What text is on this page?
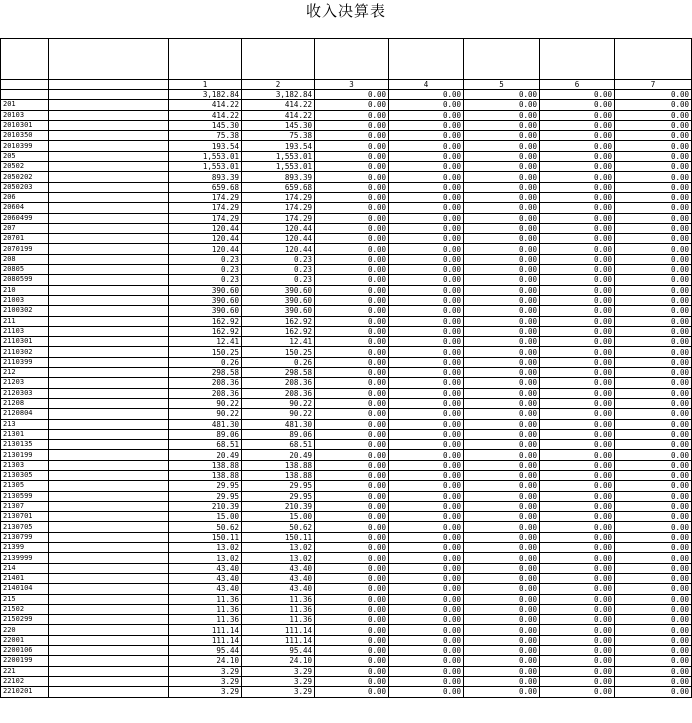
收入决算表

		1	2	3	4	5	6	7
		3,182.84	3,182.84	0.00	0.00	0.00	0.00	0.00
201		414.22	414.22	0.00	0.00	0.00	0.00	0.00
20103		414.22	414.22	0.00	0.00	0.00	0.00	0.00
2010301		145.30	145.30	0.00	0.00	0.00	0.00	0.00
2010350		75.38	75.38	0.00	0.00	0.00	0.00	0.00
2010399		193.54	193.54	0.00	0.00	0.00	0.00	0.00
205		1,553.01	1,553.01	0.00	0.00	0.00	0.00	0.00
20502		1,553.01	1,553.01	0.00	0.00	0.00	0.00	0.00
2050202		893.39	893.39	0.00	0.00	0.00	0.00	0.00
2050203		659.68	659.68	0.00	0.00	0.00	0.00	0.00
206		174.29	174.29	0.00	0.00	0.00	0.00	0.00
20604		174.29	174.29	0.00	0.00	0.00	0.00	0.00
2060499		174.29	174.29	0.00	0.00	0.00	0.00	0.00
207		120.44	120.44	0.00	0.00	0.00	0.00	0.00
20701		120.44	120.44	0.00	0.00	0.00	0.00	0.00
2070199		120.44	120.44	0.00	0.00	0.00	0.00	0.00
208		0.23	0.23	0.00	0.00	0.00	0.00	0.00
20805		0.23	0.23	0.00	0.00	0.00	0.00	0.00
2080599		0.23	0.23	0.00	0.00	0.00	0.00	0.00
210		390.60	390.60	0.00	0.00	0.00	0.00	0.00
21003		390.60	390.60	0.00	0.00	0.00	0.00	0.00
2100302		390.60	390.60	0.00	0.00	0.00	0.00	0.00
211		162.92	162.92	0.00	0.00	0.00	0.00	0.00
21103		162.92	162.92	0.00	0.00	0.00	0.00	0.00
2110301		12.41	12.41	0.00	0.00	0.00	0.00	0.00
2110302		150.25	150.25	0.00	0.00	0.00	0.00	0.00
2110399		0.26	0.26	0.00	0.00	0.00	0.00	0.00
212		298.58	298.58	0.00	0.00	0.00	0.00	0.00
21203		208.36	208.36	0.00	0.00	0.00	0.00	0.00
2120303		208.36	208.36	0.00	0.00	0.00	0.00	0.00
21208		90.22	90.22	0.00	0.00	0.00	0.00	0.00
2120804		90.22	90.22	0.00	0.00	0.00	0.00	0.00
213		481.30	481.30	0.00	0.00	0.00	0.00	0.00
21301		89.06	89.06	0.00	0.00	0.00	0.00	0.00
2130135		68.51	68.51	0.00	0.00	0.00	0.00	0.00
2130199		20.49	20.49	0.00	0.00	0.00	0.00	0.00
21303		138.88	138.88	0.00	0.00	0.00	0.00	0.00
2130305		138.88	138.88	0.00	0.00	0.00	0.00	0.00
21305		29.95	29.95	0.00	0.00	0.00	0.00	0.00
2130599		29.95	29.95	0.00	0.00	0.00	0.00	0.00
21307		210.39	210.39	0.00	0.00	0.00	0.00	0.00
2130701		15.00	15.00	0.00	0.00	0.00	0.00	0.00
2130705		50.62	50.62	0.00	0.00	0.00	0.00	0.00
2130799		150.11	150.11	0.00	0.00	0.00	0.00	0.00
21399		13.02	13.02	0.00	0.00	0.00	0.00	0.00
2139999		13.02	13.02	0.00	0.00	0.00	0.00	0.00
214		43.40	43.40	0.00	0.00	0.00	0.00	0.00
21401		43.40	43.40	0.00	0.00	0.00	0.00	0.00
2140104		43.40	43.40	0.00	0.00	0.00	0.00	0.00
215		11.36	11.36	0.00	0.00	0.00	0.00	0.00
21502		11.36	11.36	0.00	0.00	0.00	0.00	0.00
2150299		11.36	11.36	0.00	0.00	0.00	0.00	0.00
220		111.14	111.14	0.00	0.00	0.00	0.00	0.00
22001		111.14	111.14	0.00	0.00	0.00	0.00	0.00
2200106		95.44	95.44	0.00	0.00	0.00	0.00	0.00
2200199		24.10	24.10	0.00	0.00	0.00	0.00	0.00
221		3.29	3.29	0.00	0.00	0.00	0.00	0.00
22102		3.29	3.29	0.00	0.00	0.00	0.00	0.00
2210201		3.29	3.29	0.00	0.00	0.00	0.00	0.00
